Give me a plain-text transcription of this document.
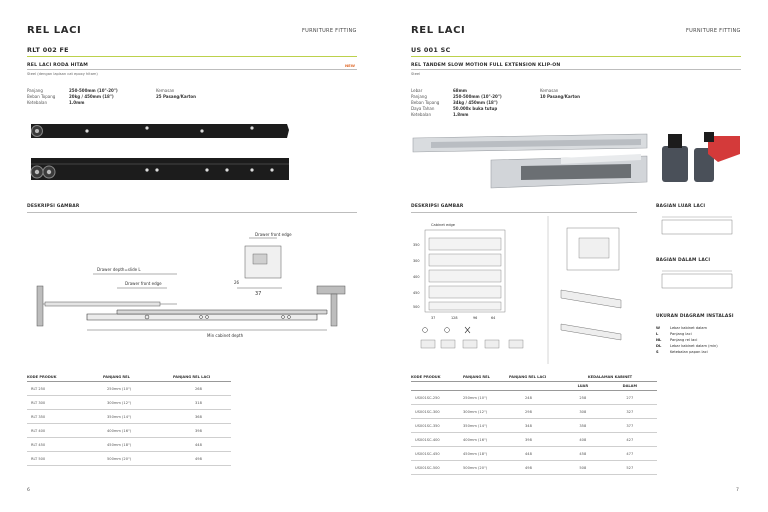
REL LACI	FURNITURE FITTING
RLT 002 FE
REL LACI RODA HITAM	NEW
Steel (dengan lapisan cat epoxy hitam)
Panjang	250-500mm (10"-20")
Beban Topang	20kg / 450mm (18")
Ketebalan	1.0mm
Kemasan
25 Pasang/Karton
DESKRIPSI GAMBAR
Drawer depth=slide L
Drawer front edge
Min cabinet depth
37
26
Drawer front edge
KODE PRODUK	PANJANG REL	PANJANG REL LACI
RLT 250	250mm (10")	268
RLT 300	300mm (12")	318
RLT 350	350mm (14")	368
RLT 400	400mm (16")	398
RLT 450	450mm (18")	448
RLT 500	500mm (20")	498
6
REL LACI	FURNITURE FITTING
US 001 SC
REL TANDEM SLOW MOTION FULL EXTENSION KLIP-ON
Steel
Lebar	68mm
Panjang	250-500mm (10"-20")
Beban Topang	34kg / 450mm (18")
Daya Tahan	50.000x buka tutup
Ketebalan	1.8mm
Kemasan
10 Pasang/Karton
DESKRIPSI GAMBAR
Cabinet edge
350
300
400
450
500
37	128	96	64
BAGIAN LUAR LACI
BAGIAN DALAM LACI
UKURAN DIAGRAM INSTALASI
W	Lebar kabinet dalam
L	Panjang laci
NL	Panjang rel laci
DL	Lebar kabinet dalam (min)
S	Ketebalan papan laci
KODE PRODUK	PANJANG REL	PANJANG REL LACI	KEDALAMAN KABINET	
			LUAR	DALAM
US001SC-250	250mm (10")	248	258	277
US001SC-300	300mm (12")	298	308	327
US001SC-350	350mm (14")	348	358	377
US001SC-400	400mm (16")	398	408	427
US001SC-450	450mm (18")	448	458	477
US001SC-500	500mm (20")	498	508	527
7
